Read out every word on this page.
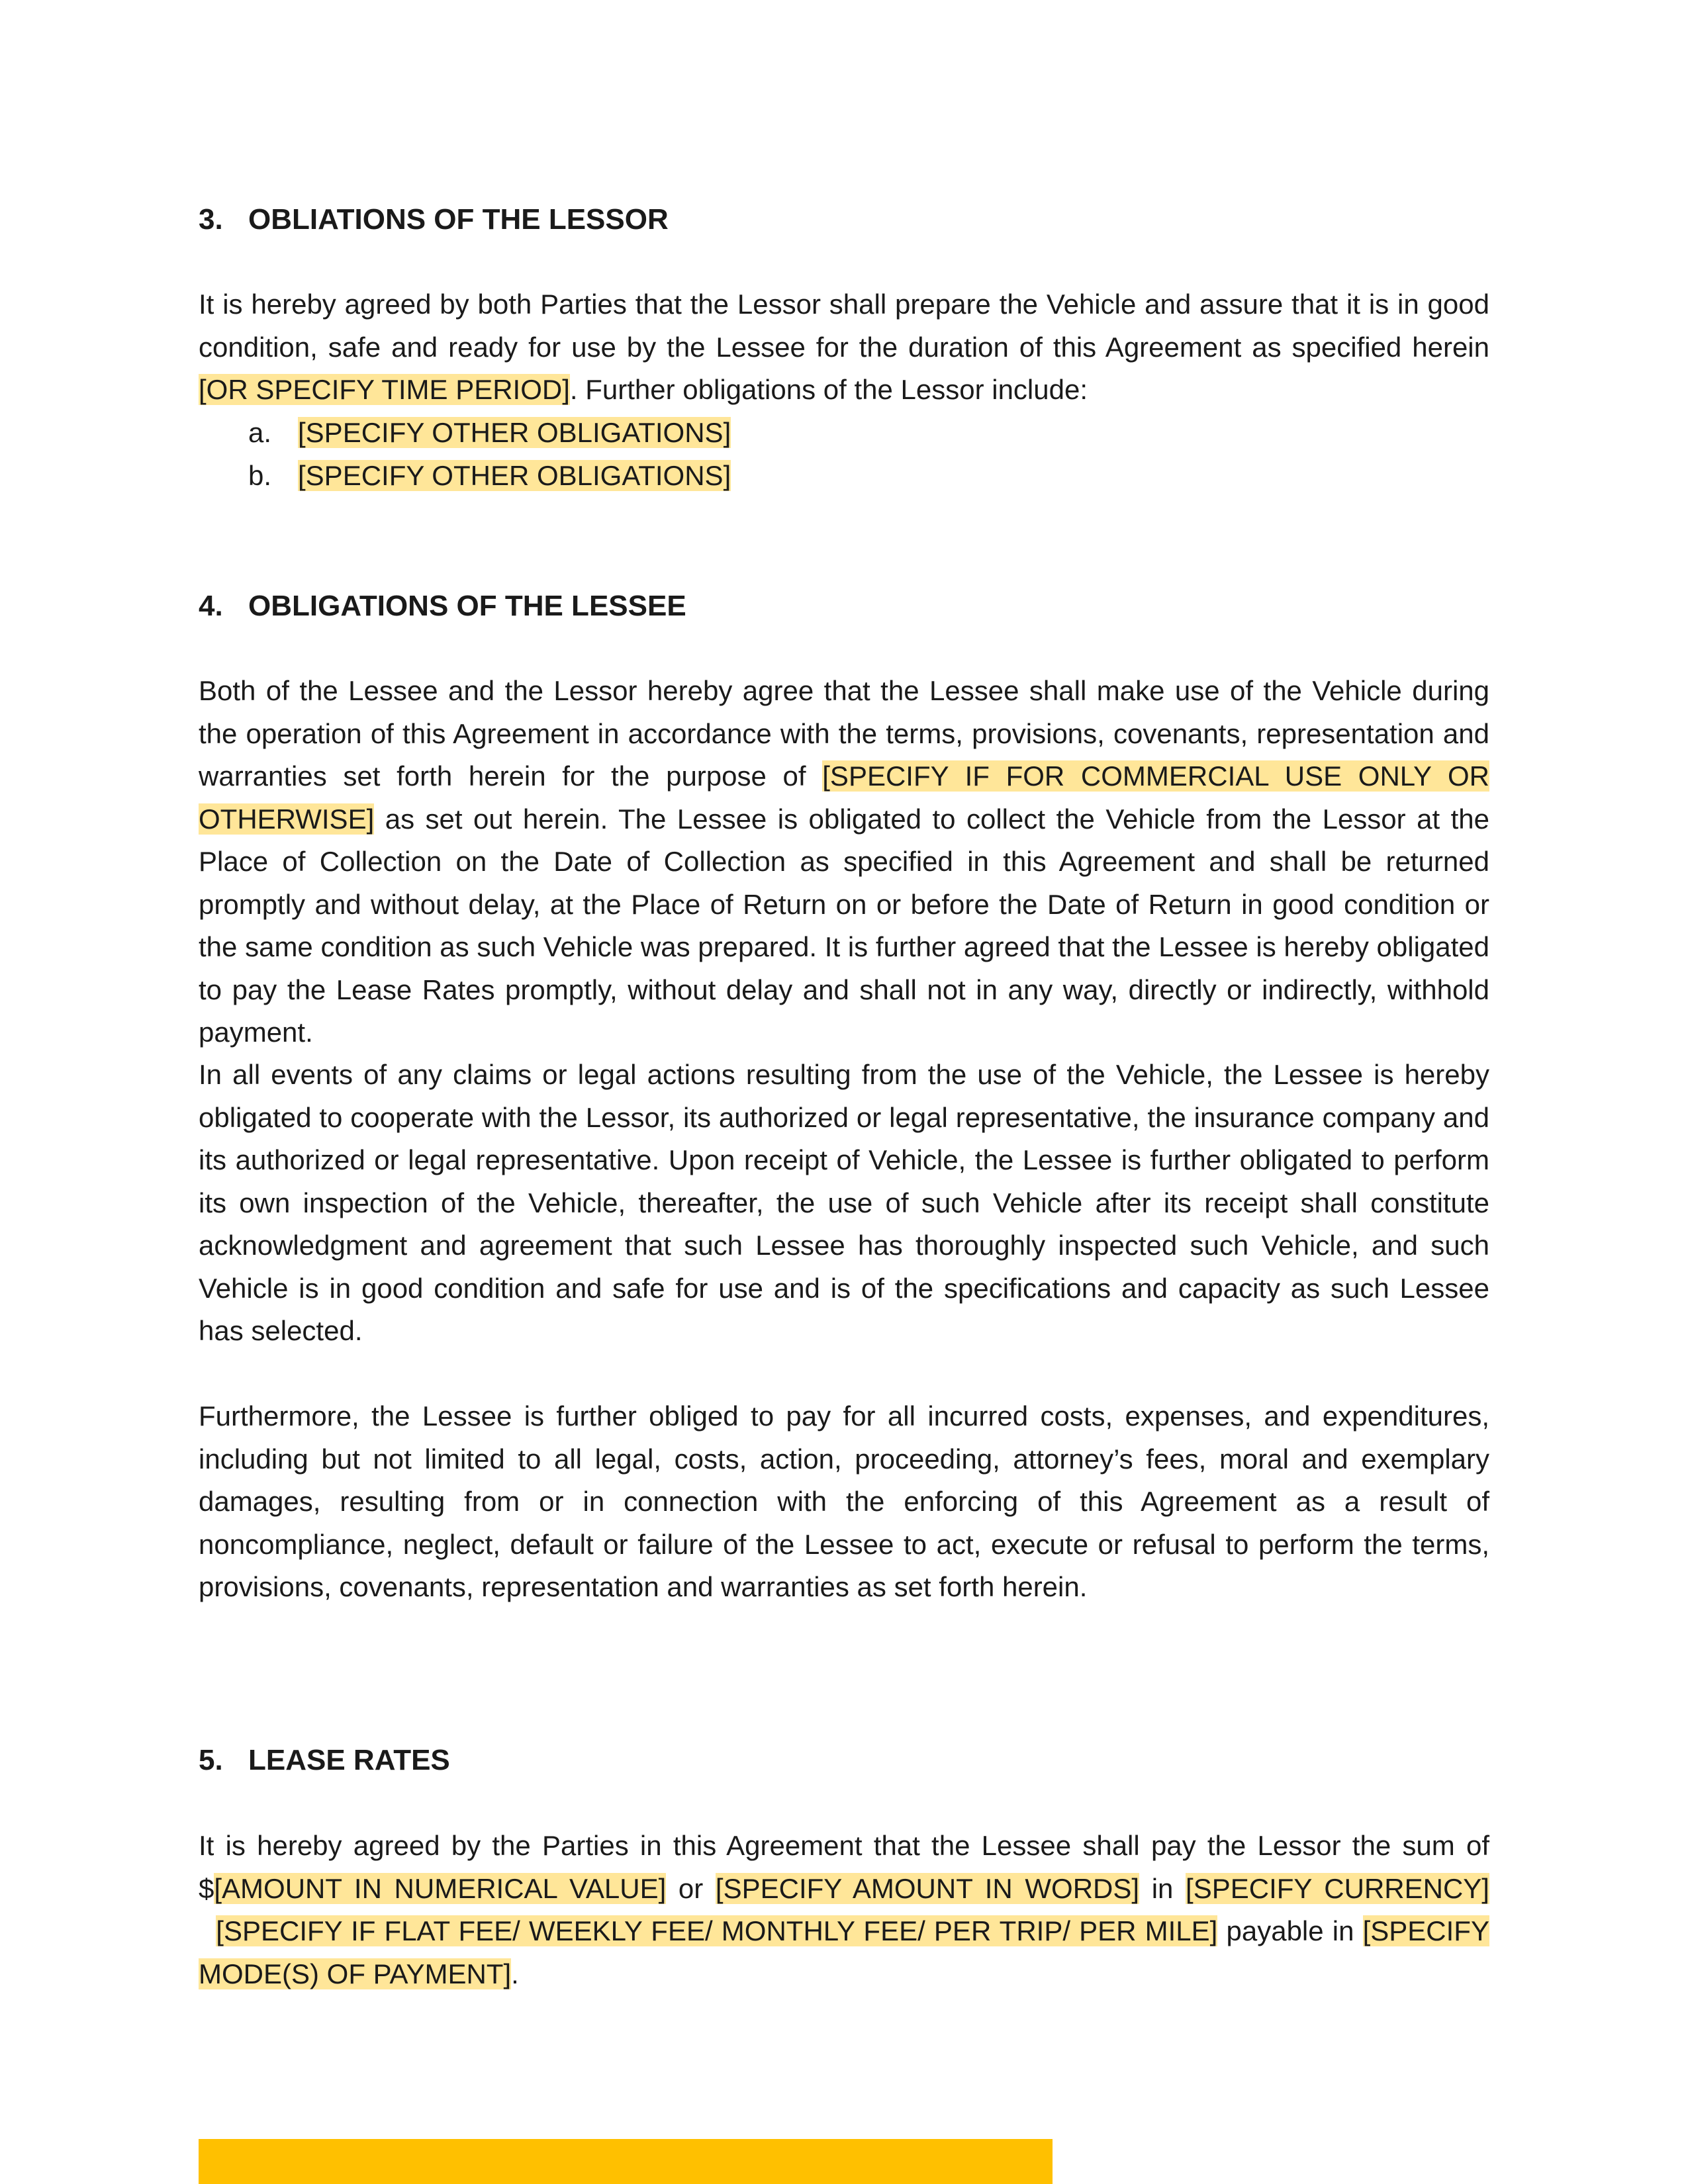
3. OBLIATIONS OF THE LESSOR

It is hereby agreed by both Parties that the Lessor shall prepare the Vehicle and assure that it is in good condition, safe and ready for use by the Lessee for the duration of this Agreement as specified herein [OR SPECIFY TIME PERIOD]. Further obligations of the Lessor include:

a. [SPECIFY OTHER OBLIGATIONS]
b. [SPECIFY OTHER OBLIGATIONS]
4. OBLIGATIONS OF THE LESSEE

Both of the Lessee and the Lessor hereby agree that the Lessee shall make use of the Vehicle during the operation of this Agreement in accordance with the terms, provisions, covenants, representation and warranties set forth herein for the purpose of [SPECIFY IF FOR COMMERCIAL USE ONLY OR OTHERWISE] as set out herein. The Lessee is obligated to collect the Vehicle from the Lessor at the Place of Collection on the Date of Collection as specified in this Agreement and shall be returned promptly and without delay, at the Place of Return on or before the Date of Return in good condition or the same condition as such Vehicle was prepared. It is further agreed that the Lessee is hereby obligated to pay the Lease Rates promptly, without delay and shall not in any way, directly or indirectly, withhold payment.

In all events of any claims or legal actions resulting from the use of the Vehicle, the Lessee is hereby obligated to cooperate with the Lessor, its authorized or legal representative, the insurance company and its authorized or legal representative. Upon receipt of Vehicle, the Lessee is further obligated to perform its own inspection of the Vehicle, thereafter, the use of such Vehicle after its receipt shall constitute acknowledgment and agreement that such Lessee has thoroughly inspected such Vehicle, and such Vehicle is in good condition and safe for use and is of the specifications and capacity as such Lessee has selected.

Furthermore, the Lessee is further obliged to pay for all incurred costs, expenses, and expenditures, including but not limited to all legal, costs, action, proceeding, attorney’s fees, moral and exemplary damages, resulting from or in connection with the enforcing of this Agreement as a result of noncompliance, neglect, default or failure of the Lessee to act, execute or refusal to perform the terms, provisions, covenants, representation and warranties as set forth herein.

5. LEASE RATES

It is hereby agreed by the Parties in this Agreement that the Lessee shall pay the Lessor the sum of $[AMOUNT IN NUMERICAL VALUE] or [SPECIFY AMOUNT IN WORDS] in [SPECIFY CURRENCY]  [SPECIFY IF FLAT FEE/ WEEKLY FEE/ MONTHLY FEE/ PER TRIP/ PER MILE] payable in [SPECIFY MODE(S) OF PAYMENT].
